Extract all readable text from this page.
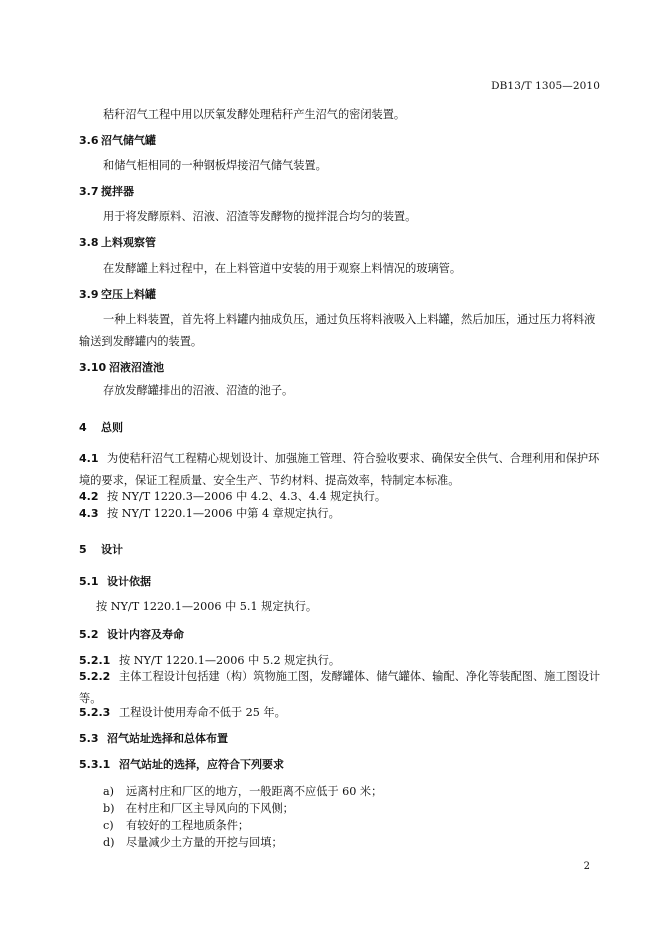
DB13/T 1305—2010
秸秆沼气工程中用以厌氧发酵处理秸秆产生沼气的密闭装置。
3.6 沼气储气罐
和储气柜相同的一种钢板焊接沼气储气装置。
3.7 搅拌器
用于将发酵原料、沼液、沼渣等发酵物的搅拌混合均匀的装置。
3.8 上料观察管
在发酵罐上料过程中，在上料管道中安装的用于观察上料情况的玻璃管。
3.9 空压上料罐
一种上料装置，首先将上料罐内抽成负压，通过负压将料液吸入上料罐，然后加压，通过压力将料液输送到发酵罐内的装置。
3.10 沼液沼渣池
存放发酵罐排出的沼液、沼渣的池子。
4 总则
4.1 为使秸秆沼气工程精心规划设计、加强施工管理、符合验收要求、确保安全供气、合理利用和保护环境的要求，保证工程质量、安全生产、节约材料、提高效率，特制定本标准。
4.2 按 NY/T 1220.3—2006 中 4.2、4.3、4.4 规定执行。
4.3 按 NY/T 1220.1—2006 中第 4 章规定执行。
5 设计
5.1 设计依据
按 NY/T 1220.1—2006 中 5.1 规定执行。
5.2 设计内容及寿命
5.2.1 按 NY/T 1220.1—2006 中 5.2 规定执行。
5.2.2 主体工程设计包括建（构）筑物施工图，发酵罐体、储气罐体、输配、净化等装配图、施工图设计等。
5.2.3 工程设计使用寿命不低于 25 年。
5.3 沼气站址选择和总体布置
5.3.1 沼气站址的选择，应符合下列要求
a) 远离村庄和厂区的地方，一般距离不应低于 60 米；
b) 在村庄和厂区主导风向的下风侧；
c) 有较好的工程地质条件；
d) 尽量减少土方量的开挖与回填；
2
